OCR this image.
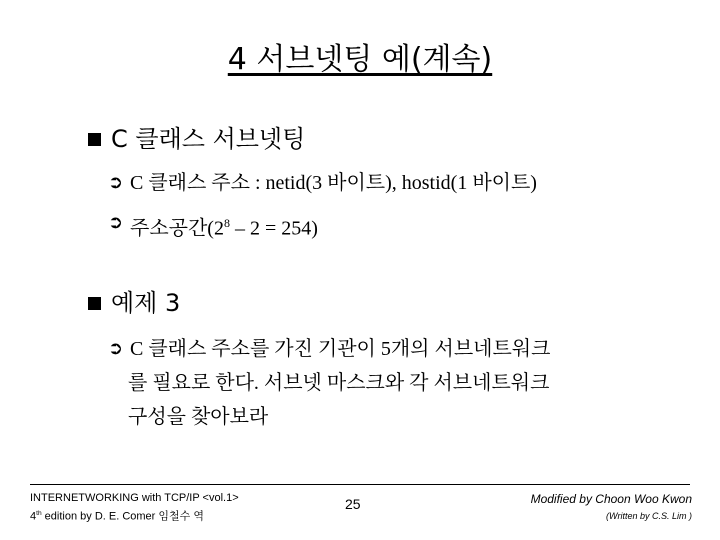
4 서브넷팅 예(계속)
C 클래스 서브넷팅
➲ C 클래스 주소 : netid(3 바이트), hostid(1 바이트)
➲ 주소공간$(2^8 - 2 = 254)$
예제 3
➲ C 클래스 주소를 가진 기관이 5개의 서브네트워크
를 필요로 한다. 서브넷 마스크와 각 서브네트워크
구성을 찾아보라
INTERNETWORKING with TCP/IP <vol.1>
4th edition by D. E. Comer 임철수 역
25	Modified by Choon Woo Kwon
(Written by C.S. Lim )
